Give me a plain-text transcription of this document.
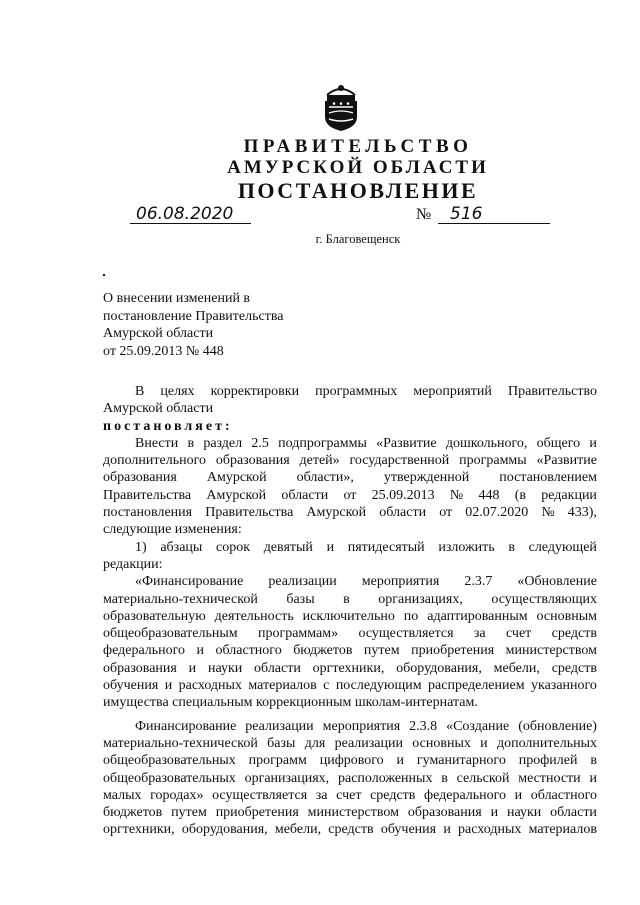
ПРАВИТЕЛЬСТВО
АМУРСКОЙ ОБЛАСТИ
ПОСТАНОВЛЕНИЕ
06.08.2020	№	516
г. Благовещенск
О внесении изменений в
постановление Правительства
Амурской области
от 25.09.2013 № 448
В целях корректировки программных мероприятий Правительство
Амурской области
постановляет:
Внести в раздел 2.5 подпрограммы «Развитие дошкольного, общего и
дополнительного образования детей» государственной программы «Развитие
образования Амурской области», утвержденной постановлением
Правительства Амурской области от 25.09.2013 № 448 (в редакции
постановления Правительства Амурской области от 02.07.2020 № 433),
следующие изменения:
1) абзацы сорок девятый и пятидесятый изложить в следующей
редакции:
«Финансирование реализации мероприятия 2.3.7 «Обновление
материально-технической базы в организациях, осуществляющих
образовательную деятельность исключительно по адаптированным основным
общеобразовательным программам» осуществляется за счет средств
федерального и областного бюджетов путем приобретения министерством
образования и науки области оргтехники, оборудования, мебели, средств
обучения и расходных материалов с последующим распределением указанного
имущества специальным коррекционным школам-интернатам.
Финансирование реализации мероприятия 2.3.8 «Создание (обновление)
материально-технической базы для реализации основных и дополнительных
общеобразовательных программ цифрового и гуманитарного профилей в
общеобразовательных организациях, расположенных в сельской местности и
малых городах» осуществляется за счет средств федерального и областного
бюджетов путем приобретения министерством образования и науки области
оргтехники, оборудования, мебели, средств обучения и расходных материалов
